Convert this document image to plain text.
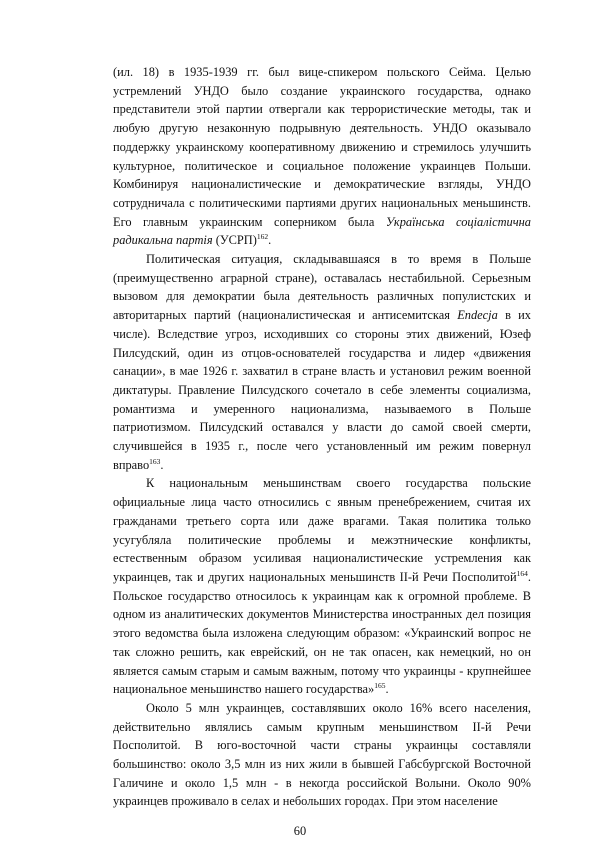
(ил. 18) в 1935-1939 гг. был вице-спикером польского Сейма. Целью устремлений УНДО было создание украинского государства, однако представители этой партии отвергали как террористические методы, так и любую другую незаконную подрывную деятельность. УНДО оказывало поддержку украинскому кооперативному движению и стремилось улучшить культурное, политическое и социальное положение украинцев Польши. Комбинируя националистические и демократические взгляды, УНДО сотрудничала с политическими партиями других национальных меньшинств. Его главным украинским соперником была Українська соціалістична радикальна партія (УСРП)$^{162}$.

Политическая ситуация, складывавшаяся в то время в Польше (преимущественно аграрной стране), оставалась нестабильной. Серьезным вызовом для демократии была деятельность различных популистских и авторитарных партий (националистическая и антисемитская Endecja в их числе). Вследствие угроз, исходивших со стороны этих движений, Юзеф Пилсудский, один из отцов-основателей государства и лидер «движения санации», в мае 1926 г. захватил в стране власть и установил режим военной диктатуры. Правление Пилсудского сочетало в себе элементы социализма, романтизма и умеренного национализма, называемого в Польше патриотизмом. Пилсудский оставался у власти до самой своей смерти, случившейся в 1935 г., после чего установленный им режим повернул вправо$^{163}$.

К национальным меньшинствам своего государства польские официальные лица часто относились с явным пренебрежением, считая их гражданами третьего сорта или даже врагами. Такая политика только усугубляла политические проблемы и межэтнические конфликты, естественным образом усиливая националистические устремления как украинцев, так и других национальных меньшинств II-й Речи Посполитой$^{164}$. Польское государство относилось к украинцам как к огромной проблеме. В одном из аналитических документов Министерства иностранных дел позиция этого ведомства была изложена следующим образом: «Украинский вопрос не так сложно решить, как еврейский, он не так опасен, как немецкий, но он является самым старым и самым важным, потому что украинцы - крупнейшее национальное меньшинство нашего государства»$^{165}$.

Около 5 млн украинцев, составлявших около 16% всего населения, действительно являлись самым крупным меньшинством II-й Речи Посполитой. В юго-восточной части страны украинцы составляли большинство: около 3,5 млн из них жили в бывшей Габсбургской Восточной Галичине и около 1,5 млн - в некогда российской Волыни. Около 90% украинцев проживало в селах и небольших городах. При этом население

60
